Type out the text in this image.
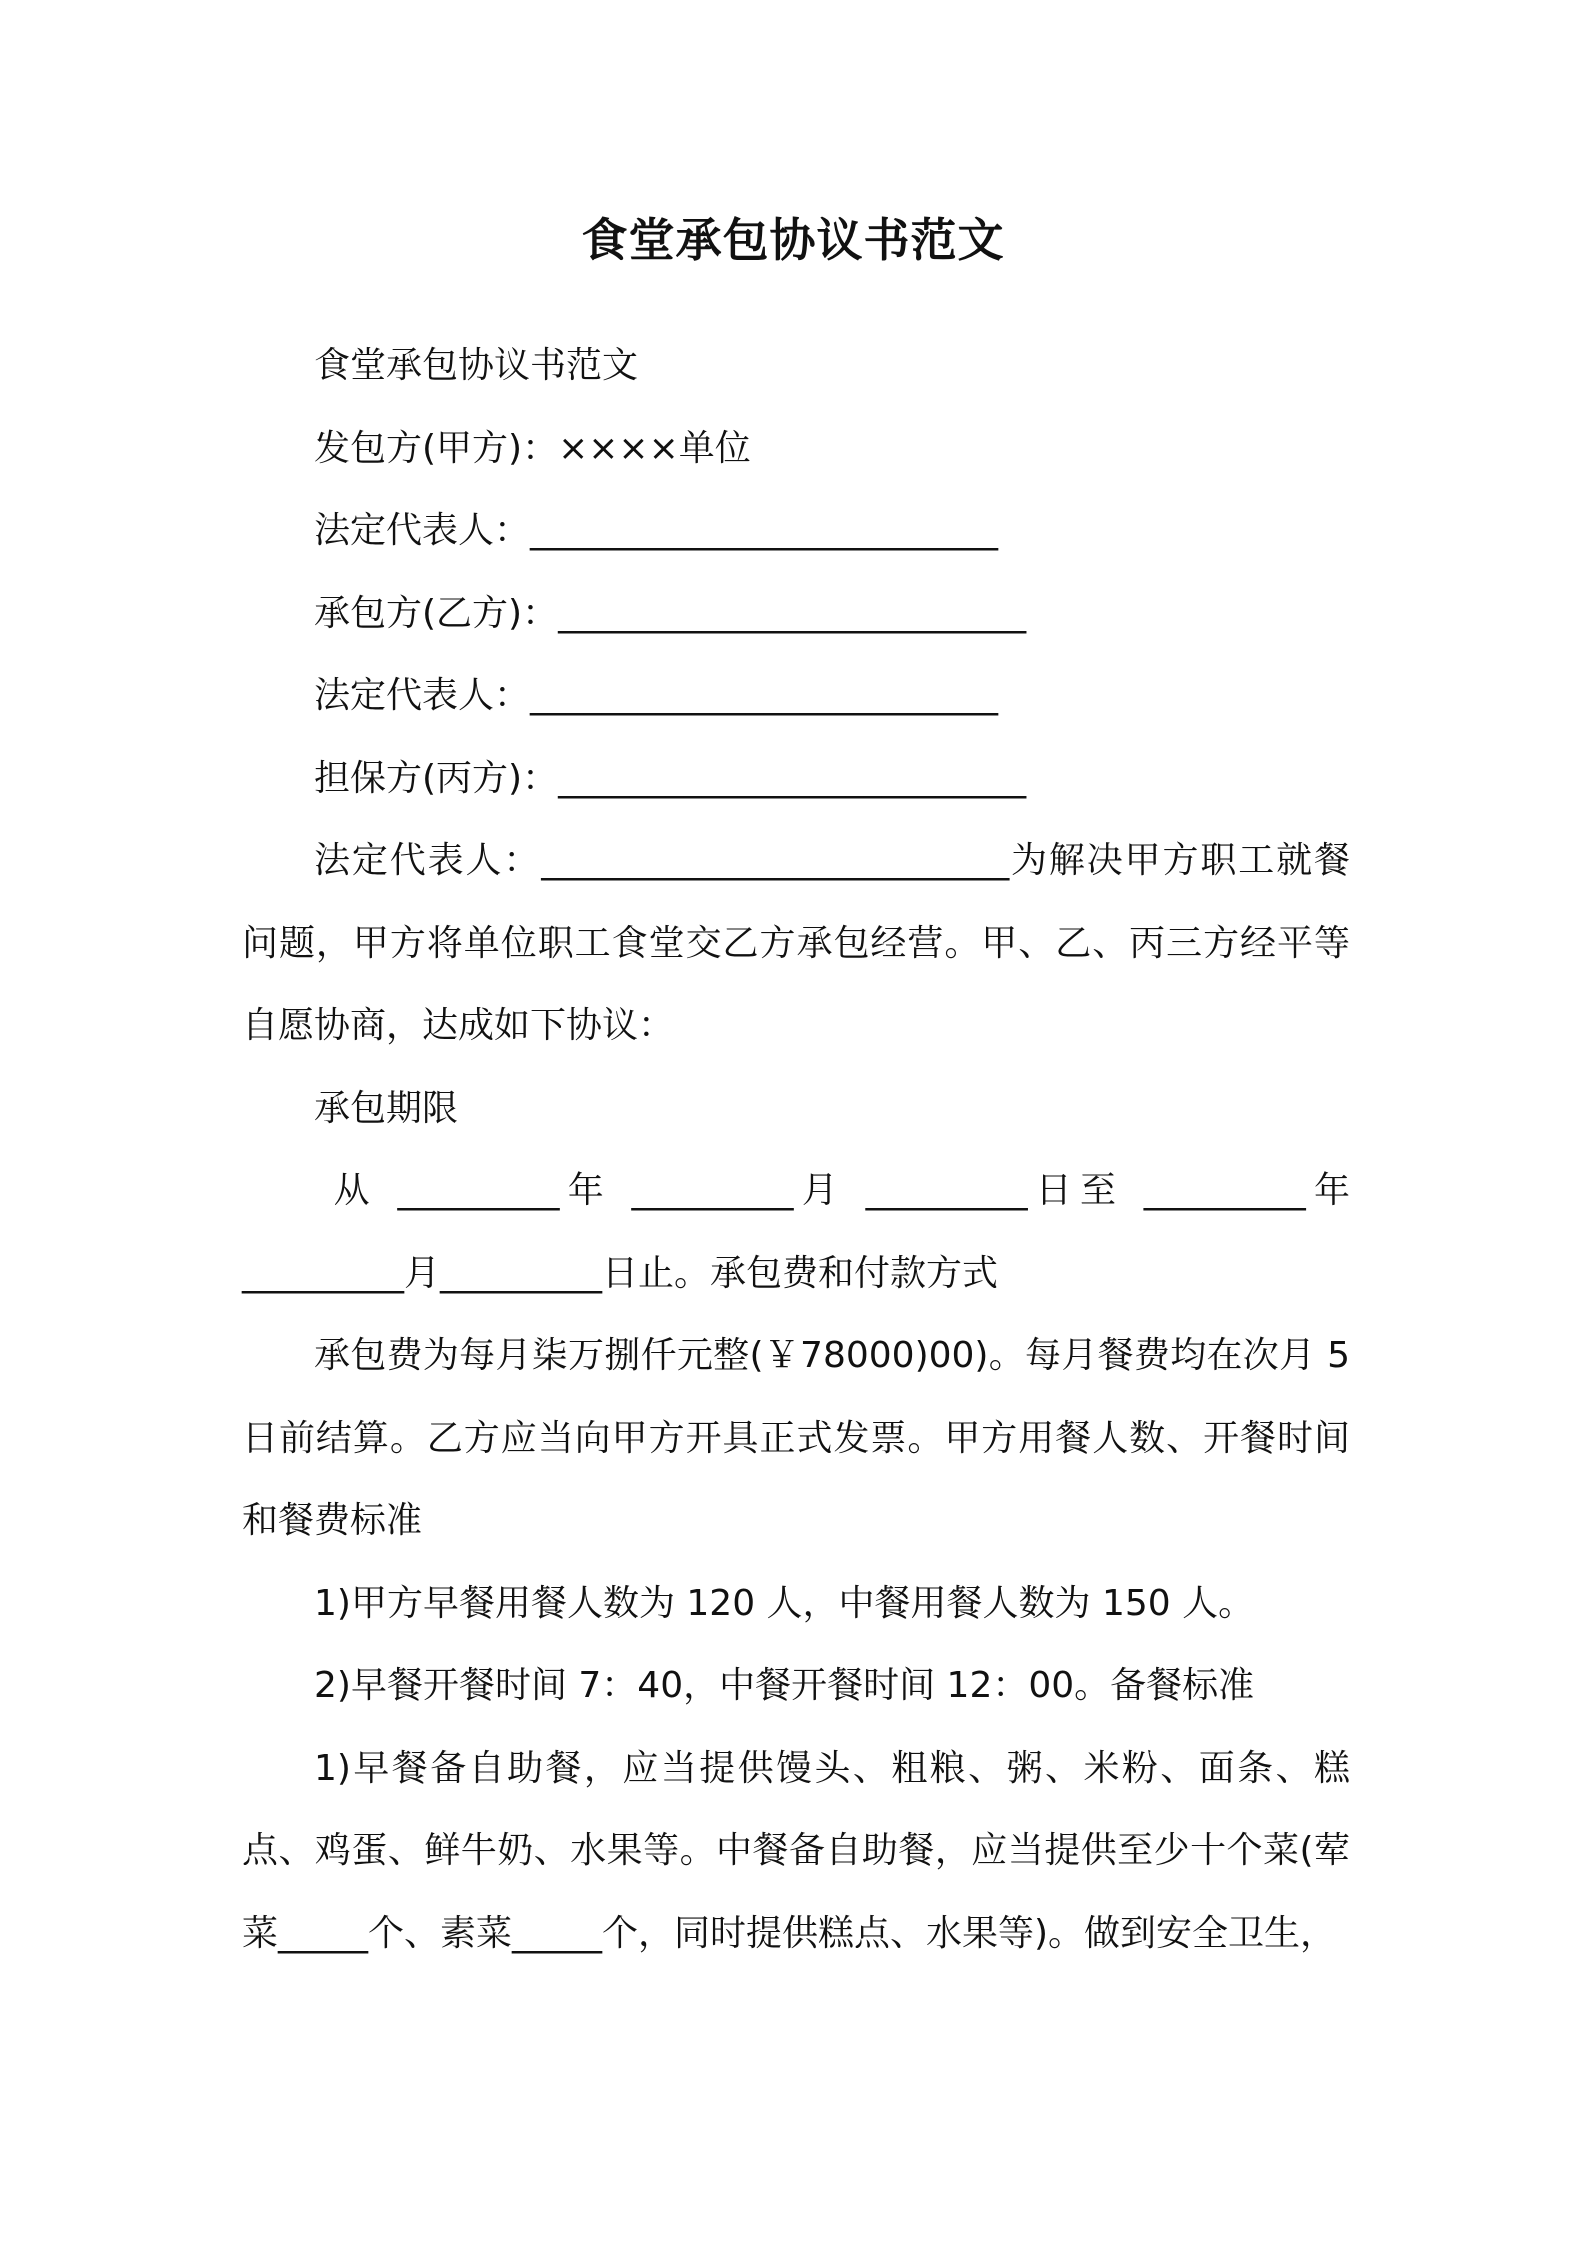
食堂承包协议书范文

食堂承包协议书范文

发包方(甲方)：××××单位

法定代表人：__________________________

承包方(乙方)：__________________________

法定代表人：__________________________

担保方(丙方)：__________________________

法定代表人：__________________________为解决甲方职工就餐问题，甲方将单位职工食堂交乙方承包经营。甲、乙、丙三方经平等自愿协商，达成如下协议：

承包期限

从 _________年 _________月 _________日至 _________年_________月_________日止。承包费和付款方式

承包费为每月柒万捌仟元整(￥78000)00)。每月餐费均在次月 5日前结算。乙方应当向甲方开具正式发票。甲方用餐人数、开餐时间和餐费标准

1)甲方早餐用餐人数为 120 人，中餐用餐人数为 150 人。

2)早餐开餐时间 7：40，中餐开餐时间 12：00。备餐标准

1)早餐备自助餐，应当提供馒头、粗粮、粥、米粉、面条、糕点、鸡蛋、鲜牛奶、水果等。中餐备自助餐，应当提供至少十个菜(荤菜_____个、素菜_____个，同时提供糕点、水果等)。做到安全卫生，
